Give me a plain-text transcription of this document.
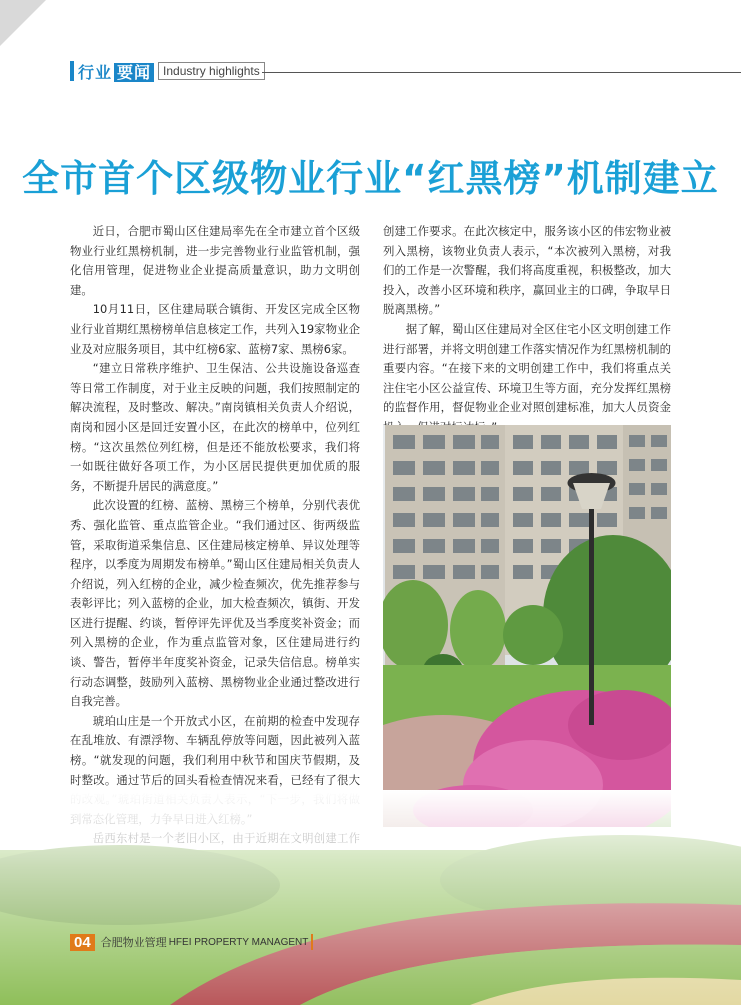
行业 要闻	Industry highlights
全市首个区级物业行业“红黑榜”机制建立

近日，合肥市蜀山区住建局率先在全市建立首个区级物业行业红黑榜机制，进一步完善物业行业监管机制，强化信用管理，促进物业企业提高质量意识，助力文明创建。

10月11日，区住建局联合镇街、开发区完成全区物业行业首期红黑榜榜单信息核定工作，共列入19家物业企业及对应服务项目，其中红榜6家、蓝榜7家、黑榜6家。

“建立日常秩序维护、卫生保洁、公共设施设备巡查等日常工作制度，对于业主反映的问题，我们按照制定的解决流程，及时整改、解决。”南岗镇相关负责人介绍说，南岗和园小区是回迁安置小区，在此次的榜单中，位列红榜。“这次虽然位列红榜，但是还不能放松要求，我们将一如既往做好各项工作，为小区居民提供更加优质的服务，不断提升居民的满意度。”

此次设置的红榜、蓝榜、黑榜三个榜单，分别代表优秀、强化监管、重点监管企业。“我们通过区、街两级监管，采取街道采集信息、区住建局核定榜单、异议处理等程序，以季度为周期发布榜单。”蜀山区住建局相关负责人介绍说，列入红榜的企业，减少检查频次，优先推荐参与表彰评比；列入蓝榜的企业，加大检查频次，镇街、开发区进行提醒、约谈，暂停评先评优及当季度奖补资金；而列入黑榜的企业，作为重点监管对象，区住建局进行约谈、警告，暂停半年度奖补资金，记录失信信息。榜单实行动态调整，鼓励列入蓝榜、黑榜物业企业通过整改进行自我完善。

琥珀山庄是一个开放式小区，在前期的检查中发现存在乱堆放、有漂浮物、车辆乱停放等问题，因此被列入蓝榜。“就发现的问题，我们利用中秋节和国庆节假期，及时整改。通过节后的回头看检查情况来看，已经有了很大

创建工作要求。在此次核定中，服务该小区的伟宏物业被列入黑榜，该物业负责人表示，“本次被列入黑榜，对我们的工作是一次警醒，我们将高度重视，积极整改，加大投入，改善小区环境和秩序，赢回业主的口碑，争取早日脱离黑榜。”

据了解，蜀山区住建局对全区住宅小区文明创建工作进行部署，并将文明创建工作落实情况作为红黑榜机制的重要内容。“在接下来的文明创建工作中，我们将重点关注住宅小区公益宣传、环境卫生等方面，充分发挥红黑榜的监督作用，督促物业企业对照创建标准，加大人员资金

04 合肥物业管理 HFEI PROPERTY MANAGENT
